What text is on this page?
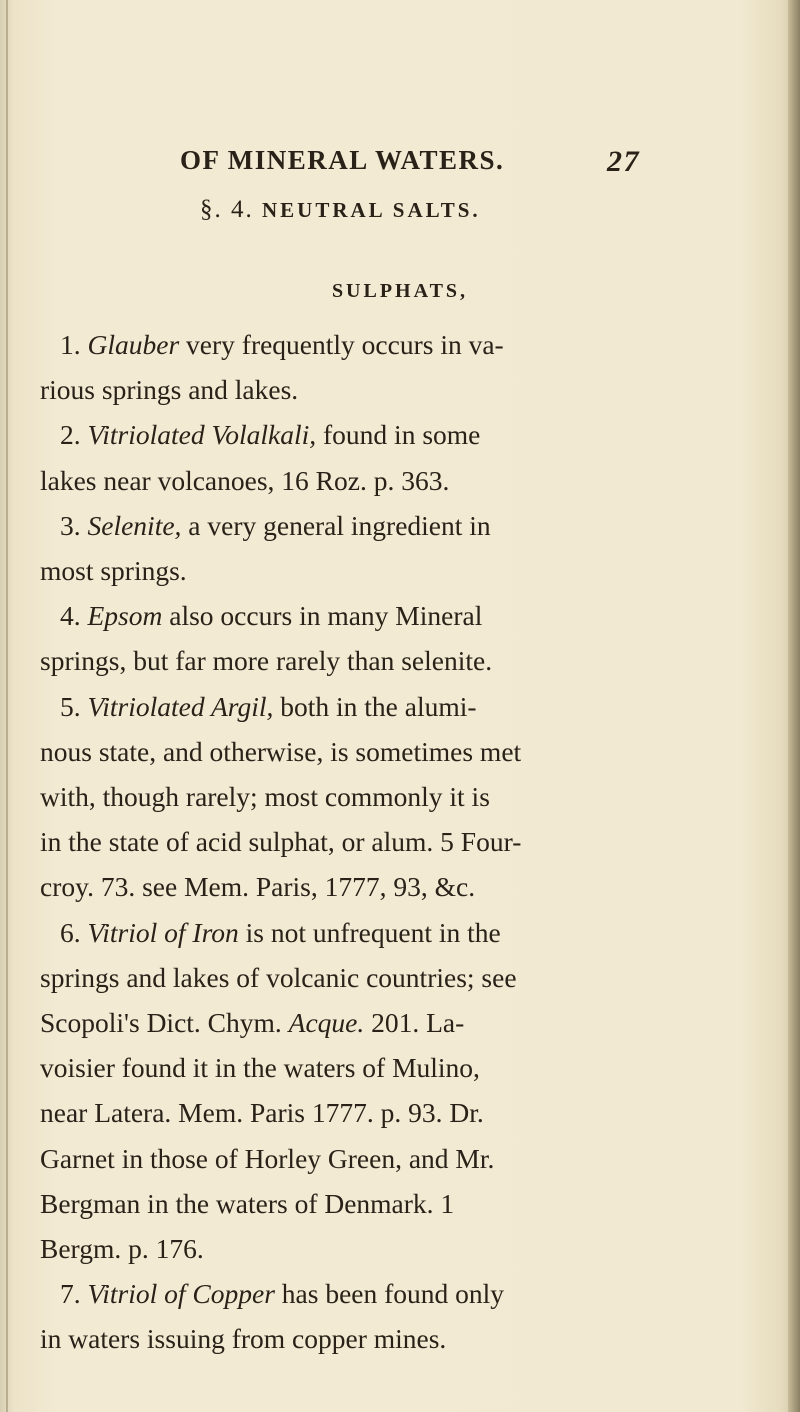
OF MINERAL WATERS.	27
§. 4. NEUTRAL SALTS.
SULPHATS,
1. Glauber very frequently occurs in va-
rious springs and lakes.
2. Vitriolated Volalkali, found in some
lakes near volcanoes, 16 Roz. p. 363.
3. Selenite, a very general ingredient in
most springs.
4. Epsom also occurs in many Mineral
springs, but far more rarely than selenite.
5. Vitriolated Argil, both in the alumi-
nous state, and otherwise, is sometimes met
with, though rarely; most commonly it is
in the state of acid sulphat, or alum. 5 Four-
croy. 73. see Mem. Paris, 1777, 93, &c.
6. Vitriol of Iron is not unfrequent in the
springs and lakes of volcanic countries; see
Scopoli's Dict. Chym. Acque. 201. La-
voisier found it in the waters of Mulino,
near Latera. Mem. Paris 1777. p. 93. Dr.
Garnet in those of Horley Green, and Mr.
Bergman in the waters of Denmark. 1
Bergm. p. 176.
7. Vitriol of Copper has been found only
in waters issuing from copper mines.
